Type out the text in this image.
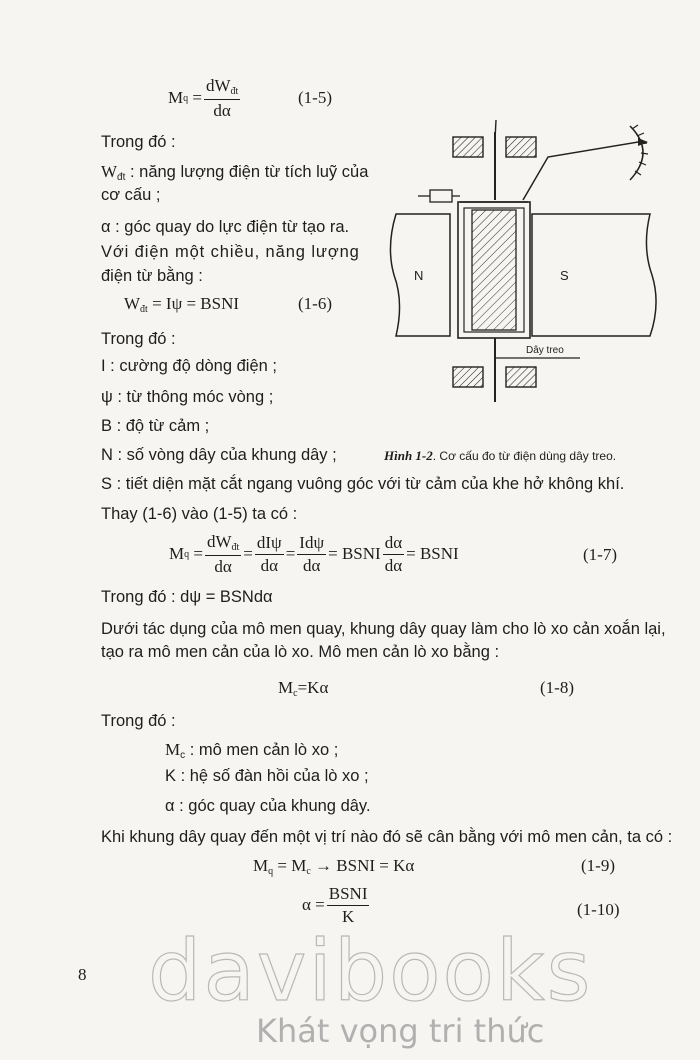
M $q = \frac{dW_{đt}}{d\alpha}$	(1-5)
Trong đó :
$W_{đt}$ : năng lượng điện từ tích luỹ của
cơ cấu ;
α : góc quay do lực điện từ tạo ra.
Với điện một chiều, năng lượng
điện từ bằng :
$W_{đt} = I\psi$ = BSNI	(1-6)
Trong đó :
I : cường độ dòng điện ;
ψ : từ thông móc vòng ;
B : độ từ cảm ;
N : số vòng dây của khung dây ;
S : tiết diện mặt cắt ngang vuông góc với từ cảm của khe hở không khí.
N	S
Dây treo
Hình 1-2. Cơ cấu đo từ điện dùng dây treo.
Thay (1-6) vào (1-5) ta có :
M $q = \frac{dW_{đt}}{d\alpha} = \frac{\text{dIψ}}{d\alpha} = \frac{\text{Idψ}}{d\alpha}$ = BSNI $\frac{d\alpha}{d\alpha}$ = BSNI	(1-7)
Trong đó : dψ = BSNdα
Dưới tác dụng của mô men quay, khung dây quay làm cho lò xo cản xoắn lại,
tạo ra mô men cản của lò xo. Mô men cản lò xo bằng :
$M_c=K\alpha$	(1-8)
Trong đó :
$M_c$ : mô men cản lò xo ;
K : hệ số đàn hồi của lò xo ;
α : góc quay của khung dây.
Khi khung dây quay đến một vị trí nào đó sẽ cân bằng với mô men cản, ta có :
$M_q = M_c$ → BSNI = Kα	(1-9)
$\alpha = \frac{\text{BSNI}}{K}$	(1-10)
8 davibooks
Khát vọng tri thức
